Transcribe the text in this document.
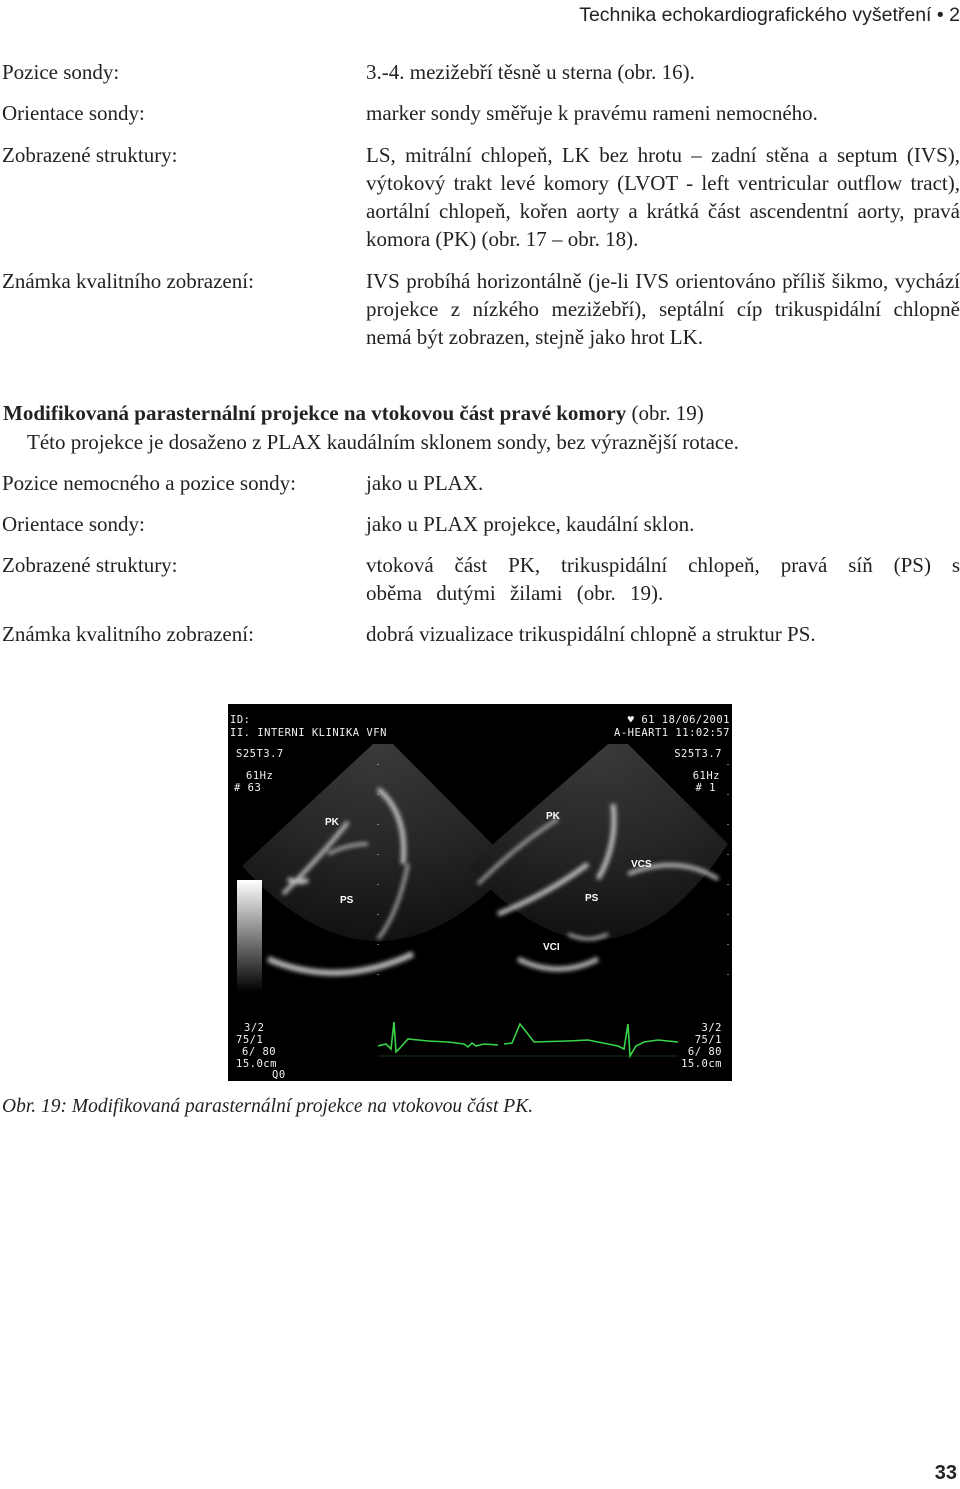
Technika echokardiografického vyšetření • 2
Pozice sondy:	3.-4. mezižebří těsně u sterna (obr. 16).
Orientace sondy:	marker sondy směřuje k pravému rameni nemocného.
Zobrazené struktury:	LS, mitrální chlopeň, LK bez hrotu – zadní stěna a septum (IVS), výtokový trakt levé komory (LVOT - left ventricular outflow tract), aortální chlopeň, kořen aorty a krátká část ascendentní aorty, pravá komora (PK) (obr. 17 – obr. 18).
Známka kvalitního zobrazení:	IVS probíhá horizontálně (je-li IVS orientováno příliš šikmo, vychází projekce z nízkého mezižebří), septální cíp trikuspidální chlopně nemá být zobrazen, stejně jako hrot LK.
Modifikovaná parasternální projekce na vtokovou část pravé komory (obr. 19)
Této projekce je dosaženo z PLAX kaudálním sklonem sondy, bez výraznější rotace.
Pozice nemocného a pozice sondy:	jako u PLAX.
Orientace sondy:	jako u PLAX projekce, kaudální sklon.
Zobrazené struktury:	vtoková část PK, trikuspidální chlopeň, pravá síň (PS) s oběma dutými žilami (obr. 19).
Známka kvalitního zobrazení:	dobrá vizualizace trikuspidální chlopně a struktur PS.
ID:
II. INTERNI KLINIKA VFN
♥ 61 18/06/2001
A-HEART1 11:02:57
S25T3.7
61Hz
# 63
S25T3.7
61Hz
# 1
3/2
75/1
6/ 80
15.0cm
Q0
3/2
75/1
6/ 80
15.0cm
PK
PS
PK
VCS
PS
VCI
Obr. 19: Modifikovaná parasternální projekce na vtokovou část PK.
33
